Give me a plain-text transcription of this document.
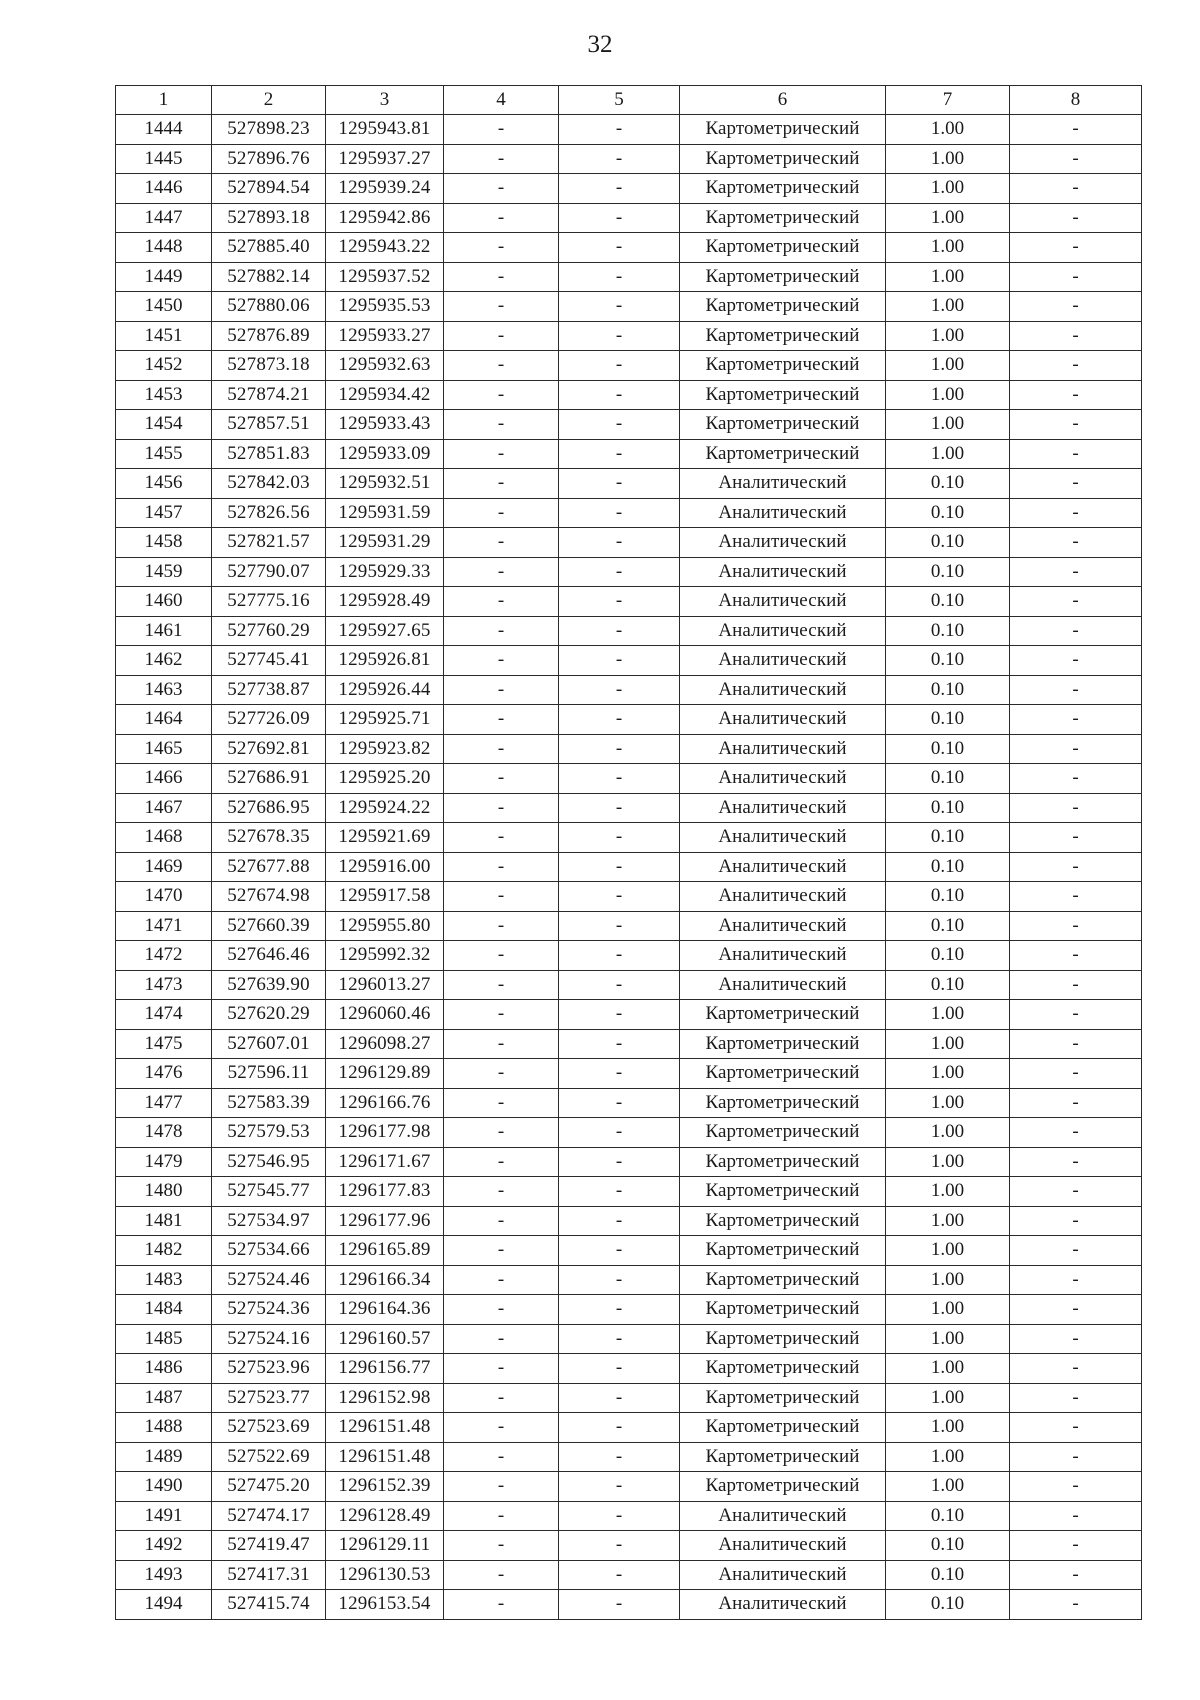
32
1	2	3	4	5	6	7	8
1444	527898.23	1295943.81	-	-	Картометрический	1.00	-
1445	527896.76	1295937.27	-	-	Картометрический	1.00	-
1446	527894.54	1295939.24	-	-	Картометрический	1.00	-
1447	527893.18	1295942.86	-	-	Картометрический	1.00	-
1448	527885.40	1295943.22	-	-	Картометрический	1.00	-
1449	527882.14	1295937.52	-	-	Картометрический	1.00	-
1450	527880.06	1295935.53	-	-	Картометрический	1.00	-
1451	527876.89	1295933.27	-	-	Картометрический	1.00	-
1452	527873.18	1295932.63	-	-	Картометрический	1.00	-
1453	527874.21	1295934.42	-	-	Картометрический	1.00	-
1454	527857.51	1295933.43	-	-	Картометрический	1.00	-
1455	527851.83	1295933.09	-	-	Картометрический	1.00	-
1456	527842.03	1295932.51	-	-	Аналитический	0.10	-
1457	527826.56	1295931.59	-	-	Аналитический	0.10	-
1458	527821.57	1295931.29	-	-	Аналитический	0.10	-
1459	527790.07	1295929.33	-	-	Аналитический	0.10	-
1460	527775.16	1295928.49	-	-	Аналитический	0.10	-
1461	527760.29	1295927.65	-	-	Аналитический	0.10	-
1462	527745.41	1295926.81	-	-	Аналитический	0.10	-
1463	527738.87	1295926.44	-	-	Аналитический	0.10	-
1464	527726.09	1295925.71	-	-	Аналитический	0.10	-
1465	527692.81	1295923.82	-	-	Аналитический	0.10	-
1466	527686.91	1295925.20	-	-	Аналитический	0.10	-
1467	527686.95	1295924.22	-	-	Аналитический	0.10	-
1468	527678.35	1295921.69	-	-	Аналитический	0.10	-
1469	527677.88	1295916.00	-	-	Аналитический	0.10	-
1470	527674.98	1295917.58	-	-	Аналитический	0.10	-
1471	527660.39	1295955.80	-	-	Аналитический	0.10	-
1472	527646.46	1295992.32	-	-	Аналитический	0.10	-
1473	527639.90	1296013.27	-	-	Аналитический	0.10	-
1474	527620.29	1296060.46	-	-	Картометрический	1.00	-
1475	527607.01	1296098.27	-	-	Картометрический	1.00	-
1476	527596.11	1296129.89	-	-	Картометрический	1.00	-
1477	527583.39	1296166.76	-	-	Картометрический	1.00	-
1478	527579.53	1296177.98	-	-	Картометрический	1.00	-
1479	527546.95	1296171.67	-	-	Картометрический	1.00	-
1480	527545.77	1296177.83	-	-	Картометрический	1.00	-
1481	527534.97	1296177.96	-	-	Картометрический	1.00	-
1482	527534.66	1296165.89	-	-	Картометрический	1.00	-
1483	527524.46	1296166.34	-	-	Картометрический	1.00	-
1484	527524.36	1296164.36	-	-	Картометрический	1.00	-
1485	527524.16	1296160.57	-	-	Картометрический	1.00	-
1486	527523.96	1296156.77	-	-	Картометрический	1.00	-
1487	527523.77	1296152.98	-	-	Картометрический	1.00	-
1488	527523.69	1296151.48	-	-	Картометрический	1.00	-
1489	527522.69	1296151.48	-	-	Картометрический	1.00	-
1490	527475.20	1296152.39	-	-	Картометрический	1.00	-
1491	527474.17	1296128.49	-	-	Аналитический	0.10	-
1492	527419.47	1296129.11	-	-	Аналитический	0.10	-
1493	527417.31	1296130.53	-	-	Аналитический	0.10	-
1494	527415.74	1296153.54	-	-	Аналитический	0.10	-
